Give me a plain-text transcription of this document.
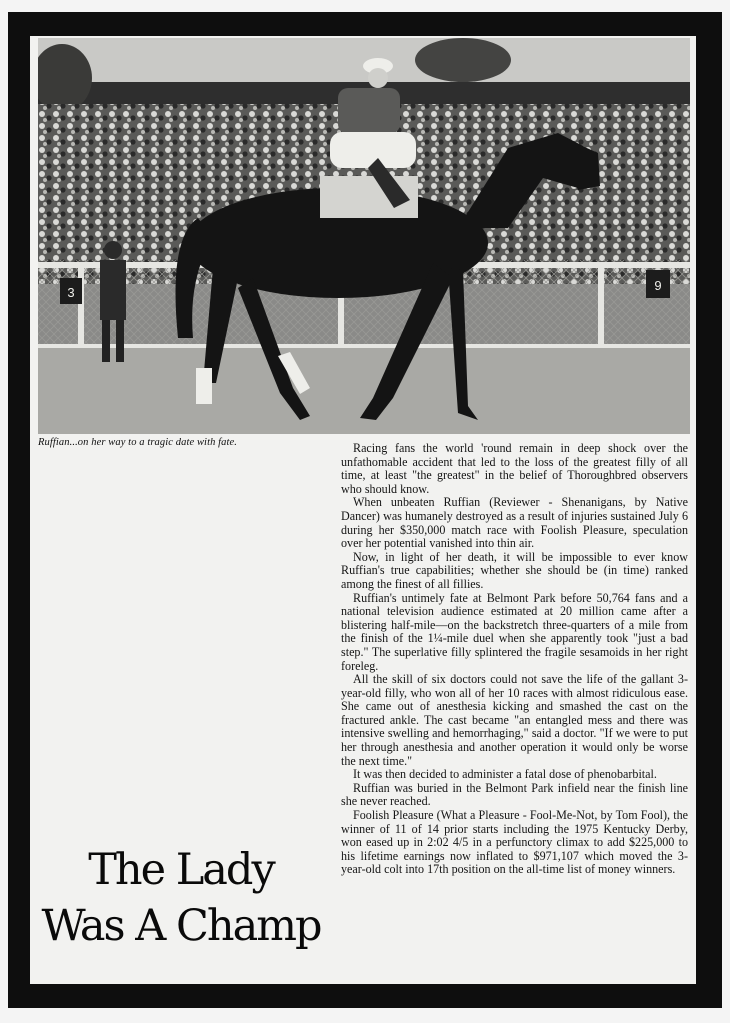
3	9
Ruffian...on her way to a tragic date with fate.	Racing fans the world 'round remain in deep shock over the unfathomable accident that led to the loss of the greatest filly of all time, at least "the greatest" in the belief of Thoroughbred observers who should know.

When unbeaten Ruffian (Reviewer - Shenanigans, by Native Dancer) was humanely destroyed as a result of injuries sustained July 6 during her $350,000 match race with Foolish Pleasure, speculation over her potential vanished into thin air.

Now, in light of her death, it will be impossible to ever know Ruffian's true capabilities; whether she should be (in time) ranked among the finest of all fillies.

Ruffian's untimely fate at Belmont Park before 50,764 fans and a national television audience estimated at 20 million came after a blistering half-mile—on the backstretch three-quarters of a mile from the finish of the 1¼-mile duel when she apparently took "just a bad step." The superlative filly splintered the fragile sesamoids in her right foreleg.

All the skill of six doctors could not save the life of the gallant 3-year-old filly, who won all of her 10 races with almost ridiculous ease. She came out of anesthesia kicking and smashed the cast on the fractured ankle. The cast became "an entangled mess and there was intensive swelling and hemorrhaging," said a doctor. "If we were to put her through anesthesia and another operation it would only be worse the next time."

It was then decided to administer a fatal dose of phenobarbital.

Ruffian was buried in the Belmont Park infield near the finish line she never reached.

Foolish Pleasure (What a Pleasure - Fool-Me-Not, by Tom Fool), the winner of 11 of 14 prior starts including the 1975 Kentucky Derby, won eased up in 2:02 4/5 in a perfunctory climax to add $225,000 to his lifetime earnings now inflated to $971,107 which moved the 3-year-old colt into 17th position on the all-time list of money winners.

The Lady
Was A Champ
